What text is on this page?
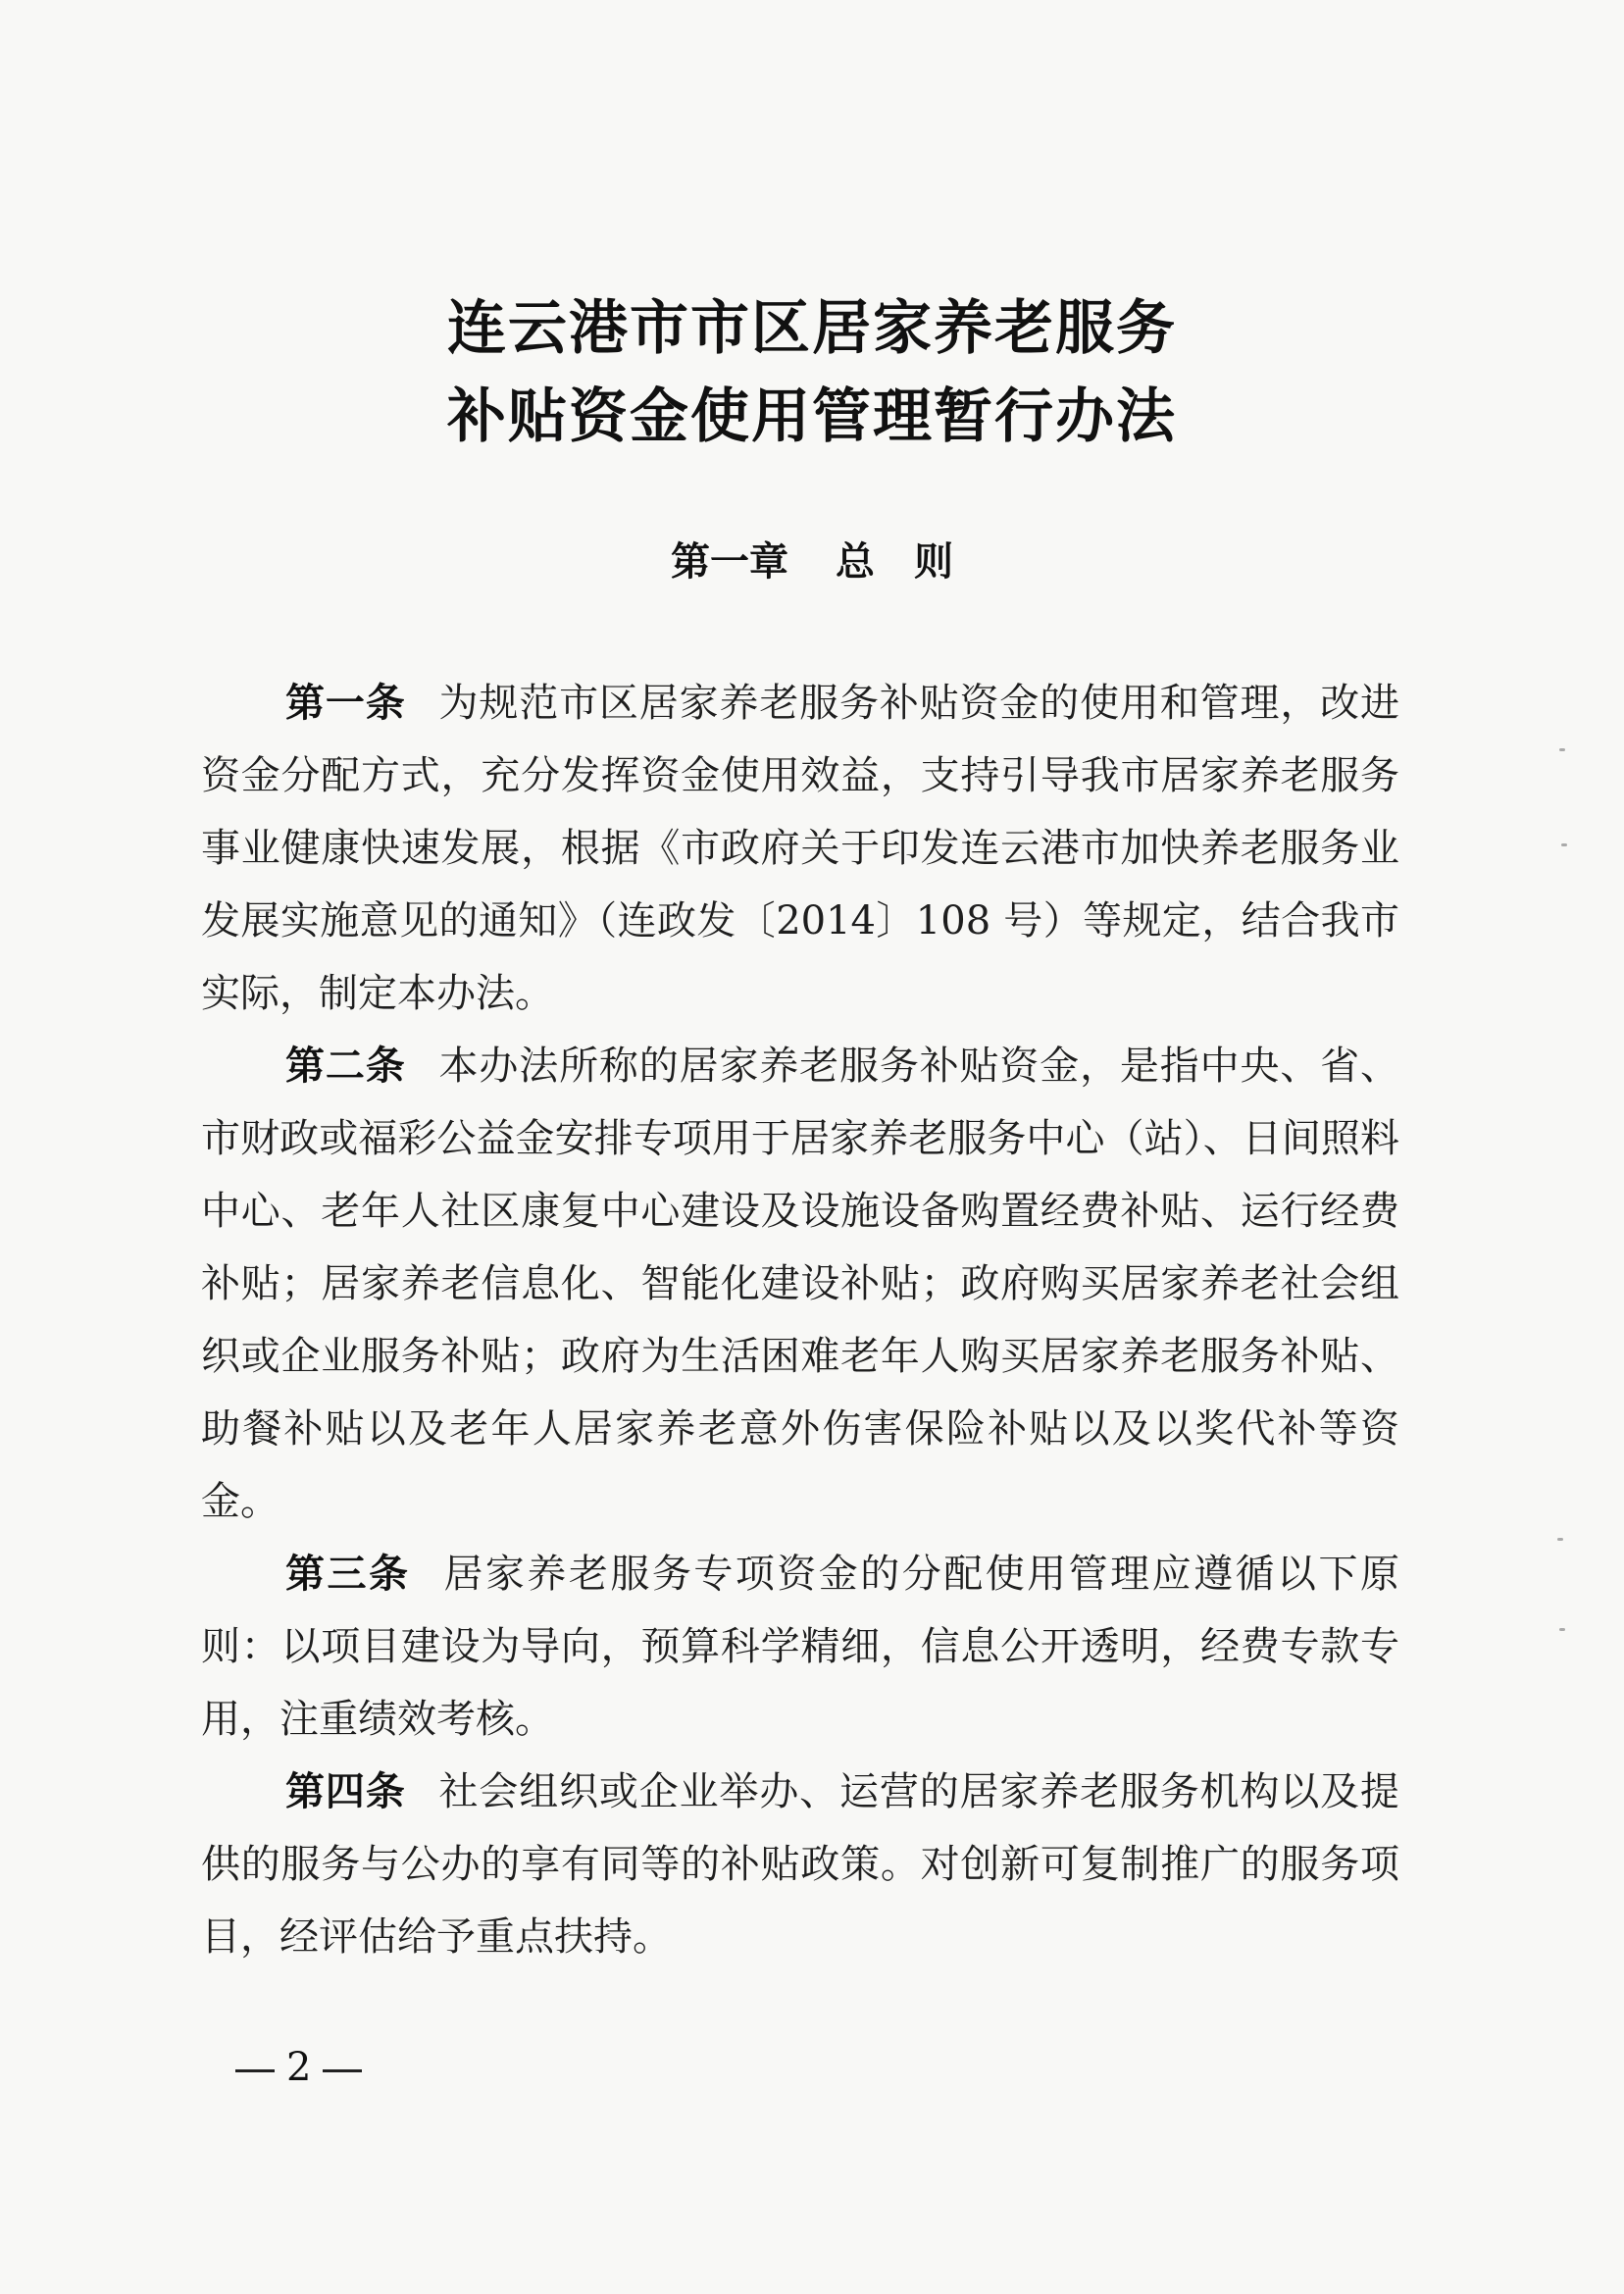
连云港市市区居家养老服务
补贴资金使用管理暂行办法
第一章 总　则

第一条 为规范市区居家养老服务补贴资金的使用和管理，改进资金分配方式，充分发挥资金使用效益，支持引导我市居家养老服务事业健康快速发展，根据《市政府关于印发连云港市加快养老服务业发展实施意见的通知》（连政发〔2014〕108 号）等规定，结合我市实际，制定本办法。

第二条 本办法所称的居家养老服务补贴资金，是指中央、省、市财政或福彩公益金安排专项用于居家养老服务中心（站）、日间照料中心、老年人社区康复中心建设及设施设备购置经费补贴、运行经费补贴；居家养老信息化、智能化建设补贴；政府购买居家养老社会组织或企业服务补贴；政府为生活困难老年人购买居家养老服务补贴、助餐补贴以及老年人居家养老意外伤害保险补贴以及以奖代补等资金。

第三条 居家养老服务专项资金的分配使用管理应遵循以下原则：以项目建设为导向，预算科学精细，信息公开透明，经费专款专用，注重绩效考核。

第四条 社会组织或企业举办、运营的居家养老服务机构以及提供的服务与公办的享有同等的补贴政策。对创新可复制推广的服务项目，经评估给予重点扶持。

2
